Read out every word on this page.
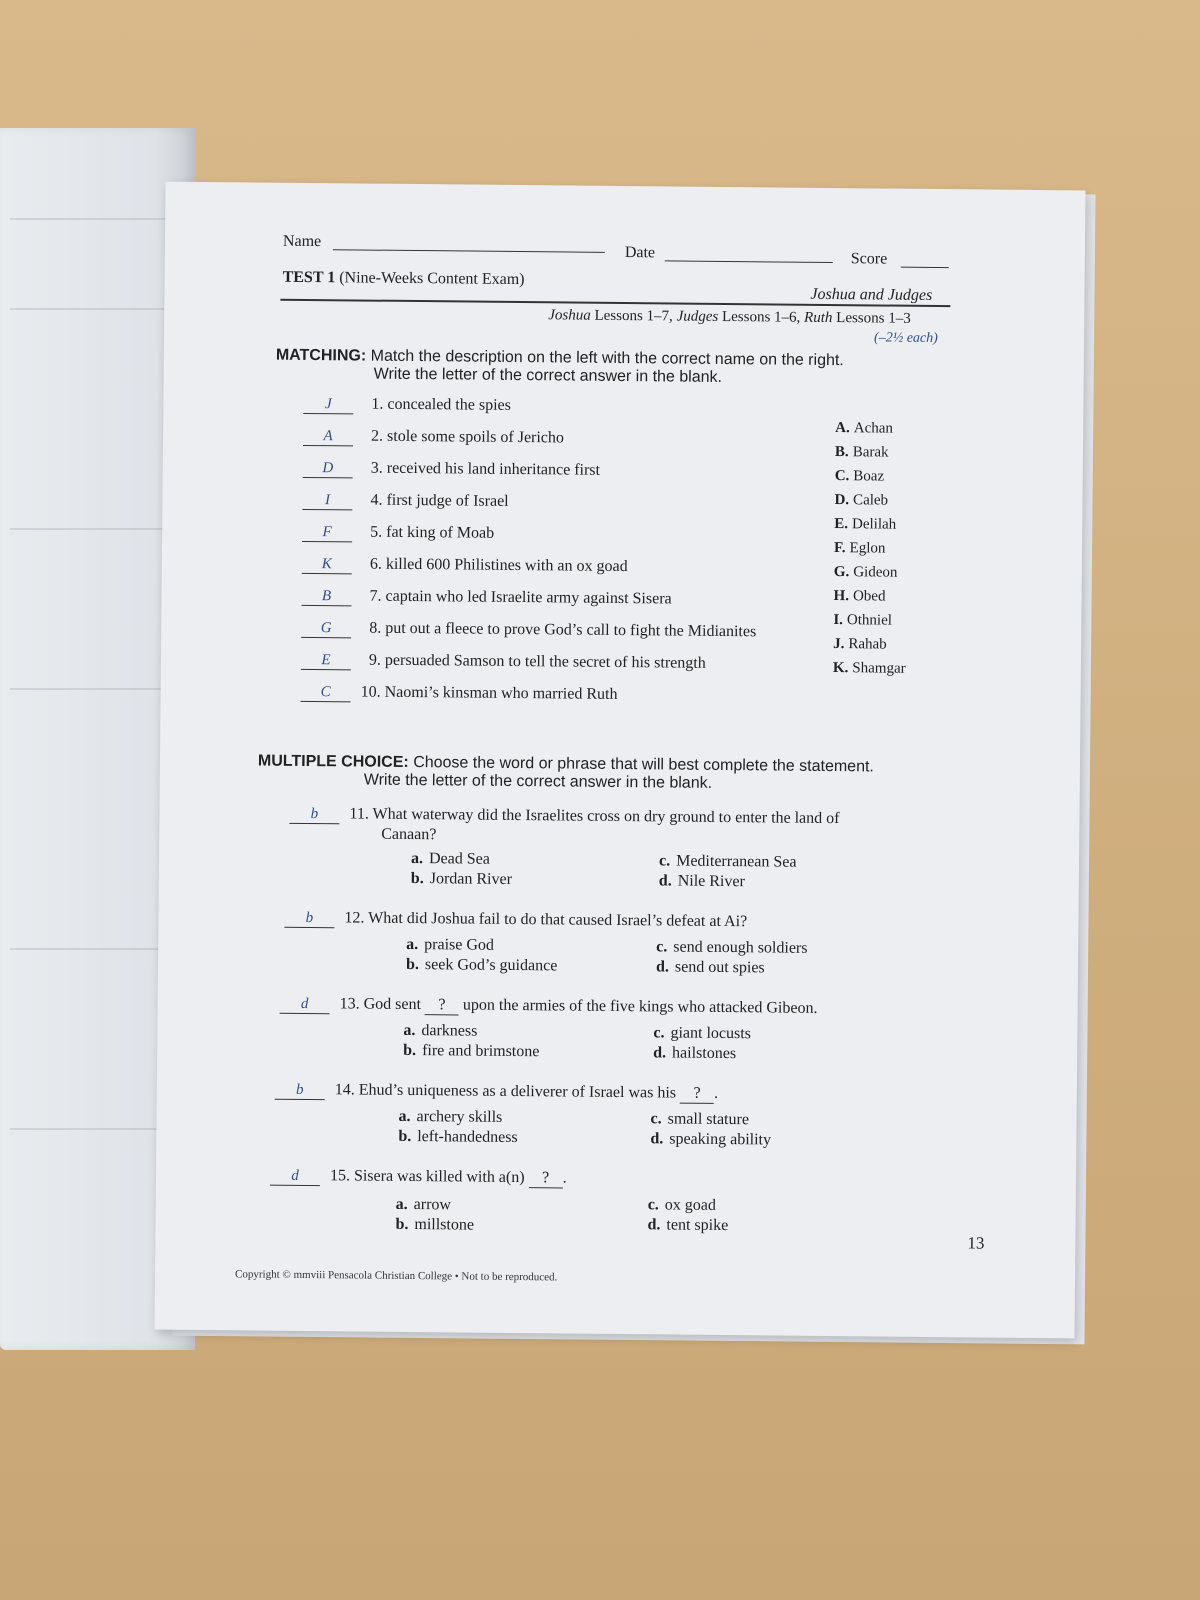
Name
Date	Score
TEST 1 (Nine-Weeks Content Exam)
Joshua and Judges
Joshua Lessons 1–7, Judges Lessons 1–6, Ruth Lessons 1–3
(–2½ each)
MATCHING: Match the description on the left with the correct name on the right.
Write the letter of the correct answer in the blank.
J	1. concealed the spies
A	2. stole some spoils of Jericho
D	3. received his land inheritance first
I	4. first judge of Israel
F	5. fat king of Moab
K	6. killed 600 Philistines with an ox goad
B	7. captain who led Israelite army against Sisera
G	8. put out a fleece to prove God’s call to fight the Midianites
E	9. persuaded Samson to tell the secret of his strength
C	10. Naomi’s kinsman who married Ruth
A. Achan
B. Barak
C. Boaz
D. Caleb
E. Delilah
F. Eglon
G. Gideon
H. Obed
I. Othniel
J. Rahab
K. Shamgar
MULTIPLE CHOICE: Choose the word or phrase that will best complete the statement.
Write the letter of the correct answer in the blank.
b	11. What waterway did the Israelites cross on dry ground to enter the land of
Canaan?
a. Dead Sea
b. Jordan River
c. Mediterranean Sea
d. Nile River
b	12. What did Joshua fail to do that caused Israel’s defeat at Ai?
a. praise God
b. seek God’s guidance
c. send enough soldiers
d. send out spies
d	13. God sent ? upon the armies of the five kings who attacked Gibeon.
a. darkness
b. fire and brimstone
c. giant locusts
d. hailstones
b	14. Ehud’s uniqueness as a deliverer of Israel was his ? .
a. archery skills
b. left-handedness
c. small stature
d. speaking ability
d	15. Sisera was killed with a(n) ? .
a. arrow
b. millstone
c. ox goad
d. tent spike
Copyright © mmviii Pensacola Christian College • Not to be reproduced.
13
